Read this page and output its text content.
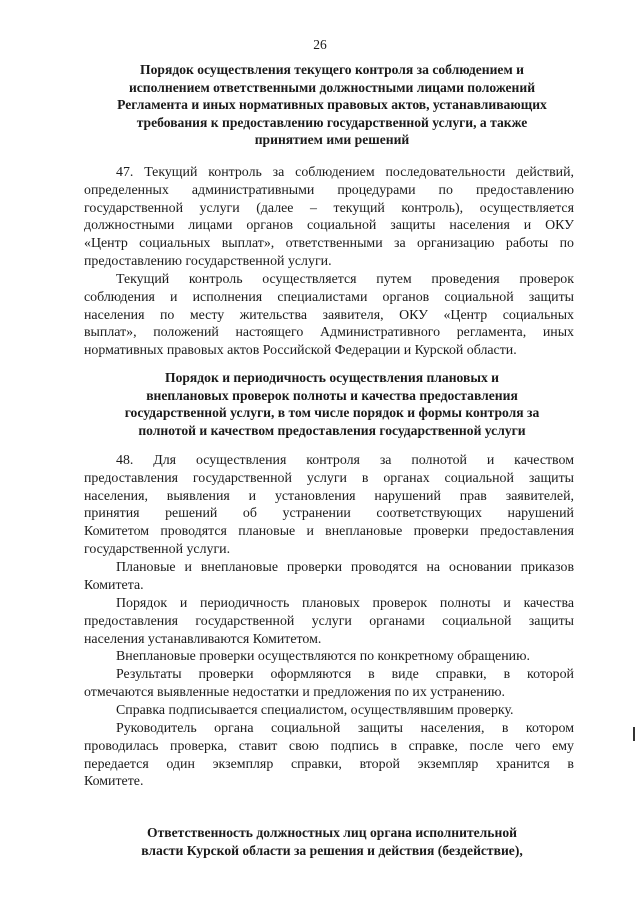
26
Порядок осуществления текущего контроля за соблюдением и
исполнением ответственными должностными лицами положений
Регламента и иных нормативных правовых актов, устанавливающих
требования к предоставлению государственной услуги, а также
принятием ими решений
47. Текущий контроль за соблюдением последовательности действий,
определенных административными процедурами по предоставлению
государственной услуги (далее – текущий контроль), осуществляется
должностными лицами органов социальной защиты населения и ОКУ
«Центр социальных выплат», ответственными за организацию работы по
предоставлению государственной услуги.
Текущий контроль осуществляется путем проведения проверок
соблюдения и исполнения специалистами органов социальной защиты
населения по месту жительства заявителя, ОКУ «Центр социальных
выплат», положений настоящего Административного регламента, иных
нормативных правовых актов Российской Федерации и Курской области.
Порядок и периодичность осуществления плановых и
внеплановых проверок полноты и качества предоставления
государственной услуги, в том числе порядок и формы контроля за
полнотой и качеством предоставления государственной услуги
48. Для осуществления контроля за полнотой и качеством
предоставления государственной услуги в органах социальной защиты
населения, выявления и установления нарушений прав заявителей,
принятия решений об устранении соответствующих нарушений
Комитетом проводятся плановые и внеплановые проверки предоставления
государственной услуги.
Плановые и внеплановые проверки проводятся на основании приказов
Комитета.
Порядок и периодичность плановых проверок полноты и качества
предоставления государственной услуги органами социальной защиты
населения устанавливаются Комитетом.
Внеплановые проверки осуществляются по конкретному обращению.
Результаты проверки оформляются в виде справки, в которой
отмечаются выявленные недостатки и предложения по их устранению.
Справка подписывается специалистом, осуществлявшим проверку.
Руководитель органа социальной защиты населения, в котором
проводилась проверка, ставит свою подпись в справке, после чего ему
передается один экземпляр справки, второй экземпляр хранится в
Комитете.
Ответственность должностных лиц органа исполнительной
власти Курской области за решения и действия (бездействие),
